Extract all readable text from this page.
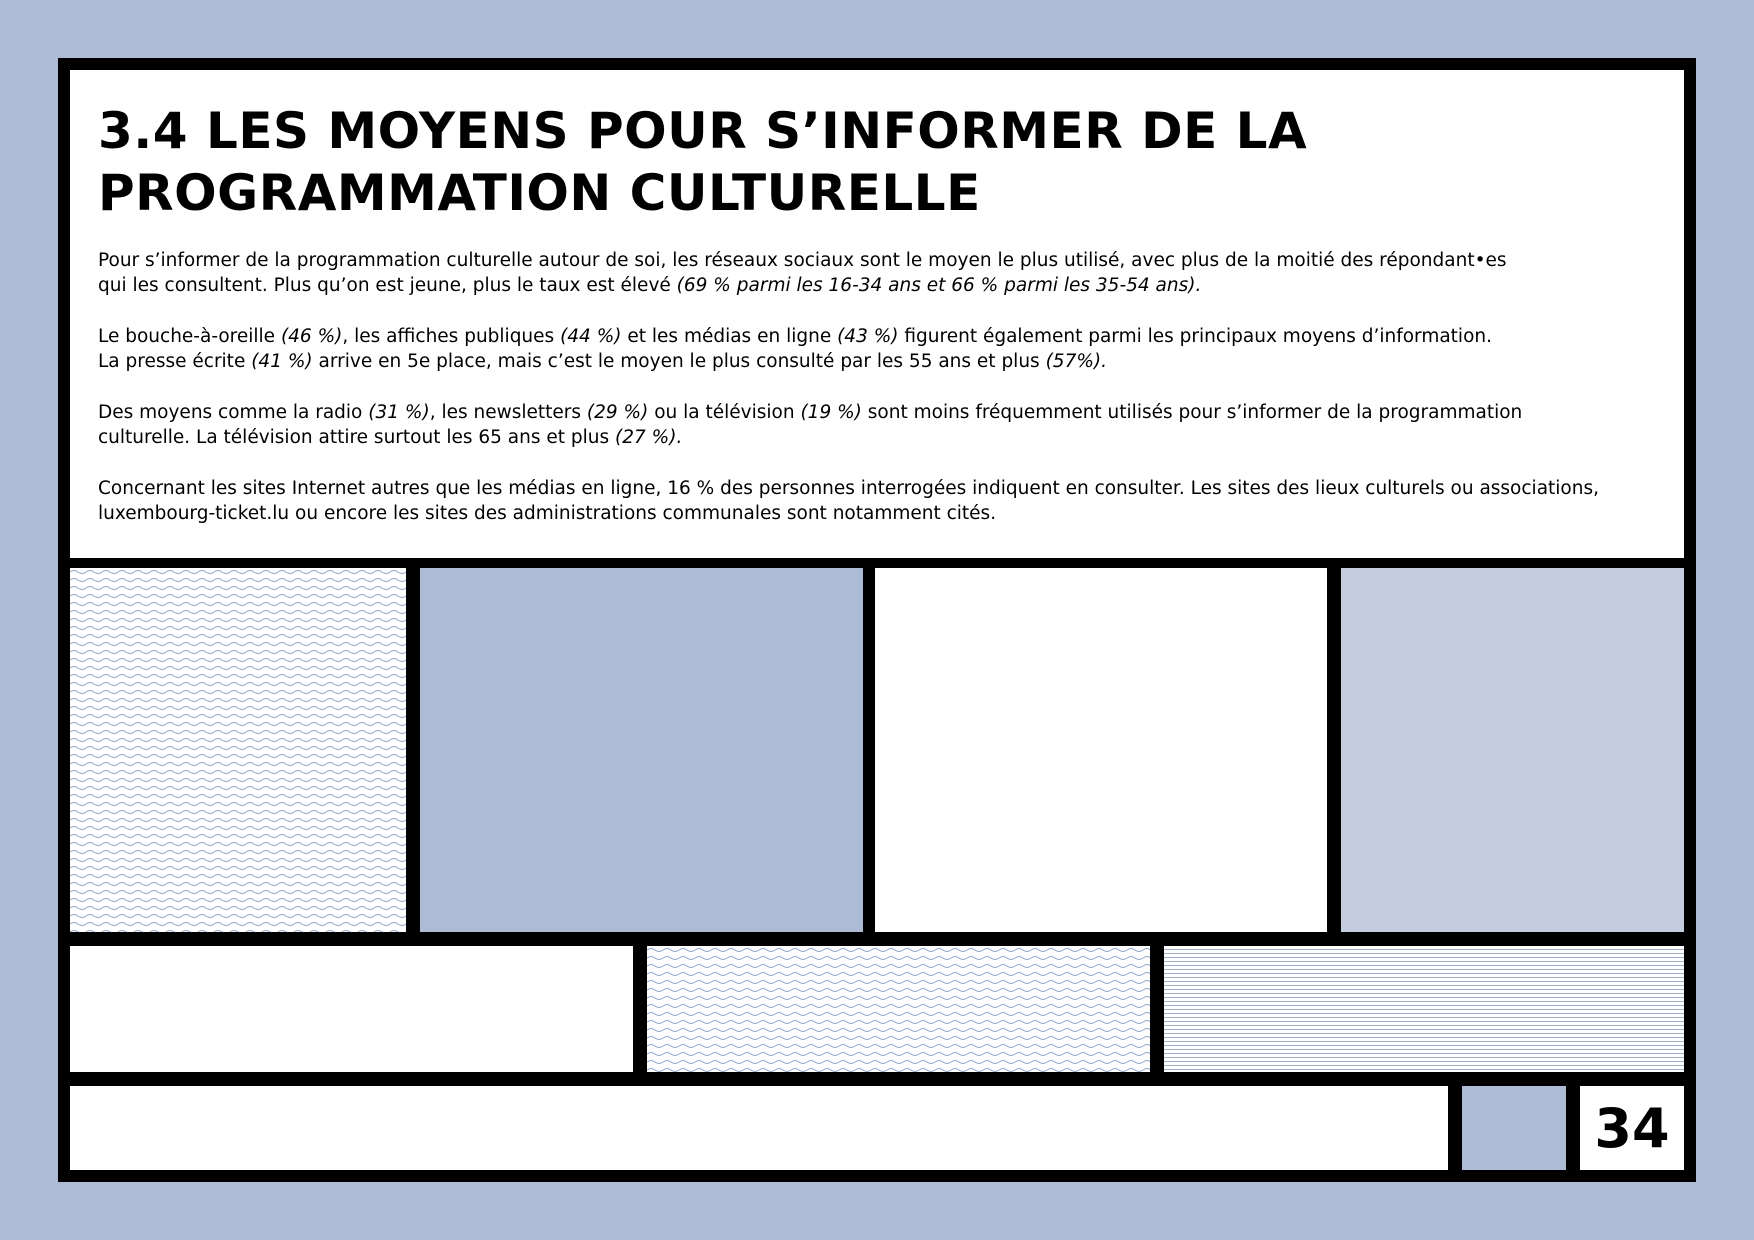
3.4 LES MOYENS POUR S’INFORMER DE LA PROGRAMMATION CULTURELLE
Pour s’informer de la programmation culturelle autour de soi, les réseaux sociaux sont le moyen le plus utilisé, avec plus de la moitié des répondant•es
qui les consultent. Plus qu’on est jeune, plus le taux est élevé (69 % parmi les 16-34 ans et 66 % parmi les 35-54 ans).
Le bouche-à-oreille (46 %), les affiches publiques (44 %) et les médias en ligne (43 %) figurent également parmi les principaux moyens d’information.
La presse écrite (41 %) arrive en 5e place, mais c’est le moyen le plus consulté par les 55 ans et plus (57%).
Des moyens comme la radio (31 %), les newsletters (29 %) ou la télévision (19 %) sont moins fréquemment utilisés pour s’informer de la programmation
culturelle. La télévision attire surtout les 65 ans et plus (27 %).
Concernant les sites Internet autres que les médias en ligne, 16 % des personnes interrogées indiquent en consulter. Les sites des lieux culturels ou associations,
luxembourg-ticket.lu ou encore les sites des administrations communales sont notamment cités.
34
